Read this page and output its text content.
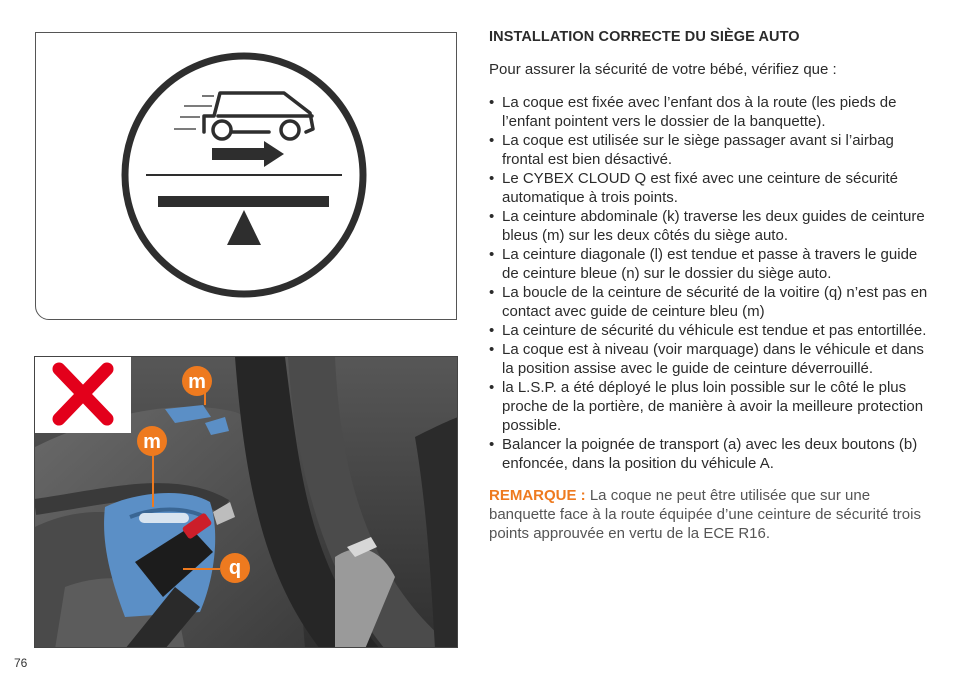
m
m
q
76

INSTALLATION CORRECTE DU SIÈGE AUTO

Pour assurer la sécurité de votre bébé, vérifiez que :

• La coque est fixée avec l’enfant dos à la route (les pieds de l’enfant pointent vers le dossier de la banquette).
• La coque est utilisée sur le siège passager avant si l’airbag frontal est bien désactivé.
• Le CYBEX CLOUD Q est fixé avec une ceinture de sécurité automatique à trois points.
• La ceinture abdominale (k) traverse les deux guides de ceinture bleus (m) sur les deux côtés du siège auto.
• La ceinture diagonale (l) est tendue et passe à travers le guide de ceinture bleue (n) sur le dossier du siège auto.
• La boucle de la ceinture de sécurité de la voitire (q) n’est pas en contact avec guide de ceinture bleu (m)
• La ceinture de sécurité du véhicule est tendue et pas entortillée.
• La coque est à niveau (voir marquage) dans le véhicule et dans la position assise avec le guide de ceinture déverrouillé.
• la L.S.P. a été déployé le plus loin possible sur le côté le plus proche de la portière, de manière à avoir la meilleure protection possible.
• Balancer la poignée de transport (a) avec les deux boutons (b) enfoncée, dans la position du véhicule A.

REMARQUE : La coque ne peut être utilisée que sur une banquette face à la route équipée d’une ceinture de sécurité trois points approuvée en vertu de la ECE R16.
